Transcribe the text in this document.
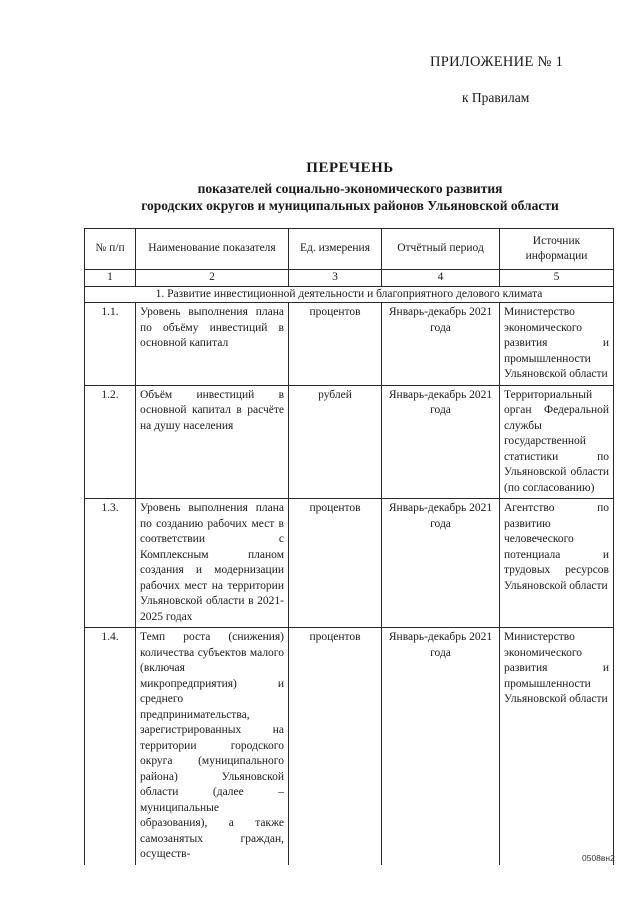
ПРИЛОЖЕНИЕ № 1
к Правилам
ПЕРЕЧЕНЬ
показателей социально-экономического развития
городских округов и муниципальных районов Ульяновской области
№ п/п	Наименование показателя	Ед. измерения	Отчётный период	Источник информации
1	2	3	4	5
1. Развитие инвестиционной деятельности и благоприятного делового климата				
1.1.	Уровень выполнения плана по объёму инвестиций в основной капитал	процентов	Январь-декабрь 2021 года	Министерство экономического развития и промышленности Ульяновской области
1.2.	Объём инвестиций в основной капитал в расчёте на душу населения	рублей	Январь-декабрь 2021 года	Территориальный орган Федеральной службы государственной статистики по Ульяновской области (по согласованию)
1.3.	Уровень выполнения плана по созданию рабочих мест в соответствии с Комплексным планом создания и модернизации рабочих мест на территории Ульяновской области в 2021-2025 годах	процентов	Январь-декабрь 2021 года	Агентство по развитию человеческого потенциала и трудовых ресурсов Ульяновской области
1.4.	Темп роста (снижения) количества субъектов малого (включая микропредприятия) и среднего предпринимательства, зарегистрированных на территории городского округа (муниципального района) Ульяновской области (далее – муниципальные образования), а также самозанятых граждан, осуществ-	процентов	Январь-декабрь 2021 года	Министерство экономического развития и промышленности Ульяновской области
0508вн2
